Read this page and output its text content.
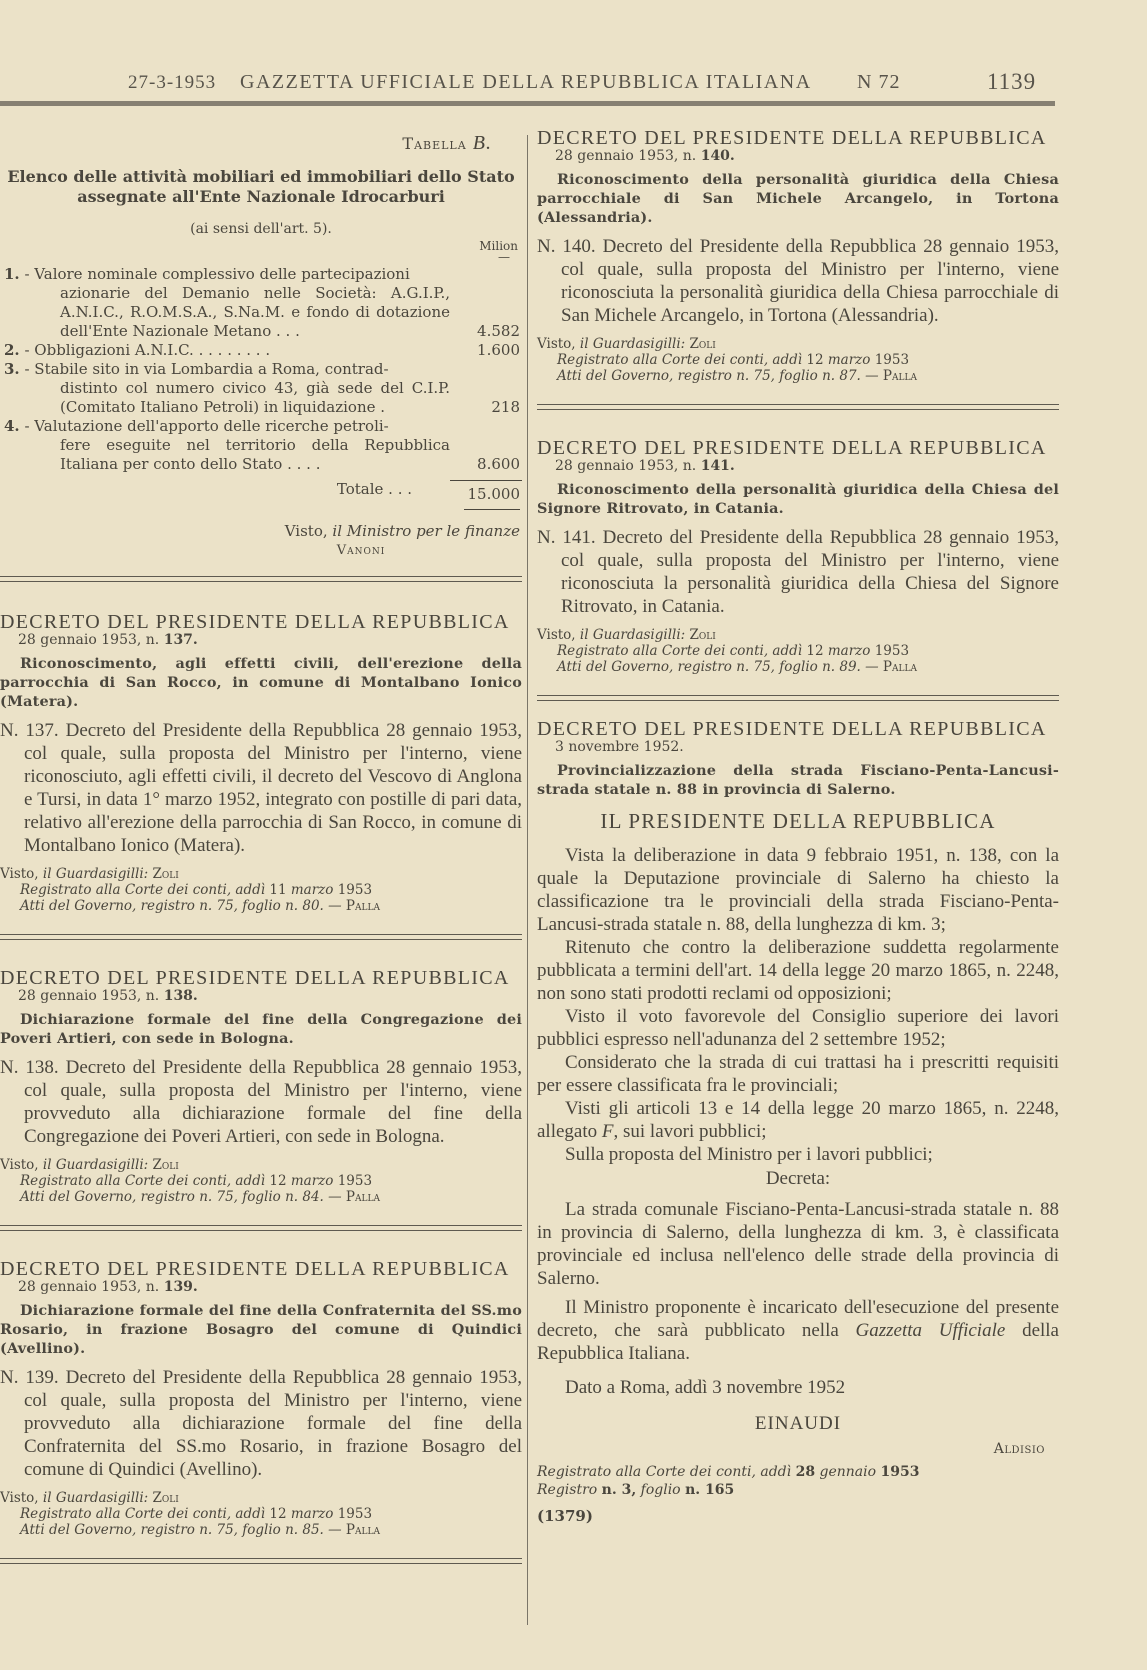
27-3-1953 GAZZETTA UFFICIALE DELLA REPUBBLICA ITALIANA N 72	1139
Tabella B.
Elenco delle attività mobiliari ed immobiliari dello Stato
assegnate all'Ente Nazionale Idrocarburi
(ai sensi dell'art. 5).
Milion
—
1. - Valore nominale complessivo delle partecipazioni
azionarie del Demanio nelle Società: A.G.I.P., A.N.I.C., R.O.M.S.A., S.Na.M. e fondo di dotazione dell'Ente Nazionale Metano . . .	4.582
2. - Obbligazioni A.N.I.C. . . . . . . . .	1.600
3. - Stabile sito in via Lombardia a Roma, contrad-
distinto col numero civico 43, già sede del C.I.P. (Comitato Italiano Petroli) in liquidazione .	218
4. - Valutazione dell'apporto delle ricerche petroli-
fere eseguite nel territorio della Repubblica Italiana per conto dello Stato . . . .	8.600
Totale . . .	15.000
Visto, il Ministro per le finanze
Vanoni
DECRETO DEL PRESIDENTE DELLA REPUBBLICA
28 gennaio 1953, n. 137.
Riconoscimento, agli effetti civili, dell'erezione della parrocchia di San Rocco, in comune di Montalbano Ionico (Matera).
N. 137. Decreto del Presidente della Repubblica 28 gennaio 1953, col quale, sulla proposta del Ministro per l'interno, viene riconosciuto, agli effetti civili, il decreto del Vescovo di Anglona e Tursi, in data 1° marzo 1952, integrato con postille di pari data, relativo all'erezione della parrocchia di San Rocco, in comune di Montalbano Ionico (Matera).
Visto, il Guardasigilli: Zoli
Registrato alla Corte dei conti, addì 11 marzo 1953
Atti del Governo, registro n. 75, foglio n. 80. — Palla
DECRETO DEL PRESIDENTE DELLA REPUBBLICA
28 gennaio 1953, n. 138.
Dichiarazione formale del fine della Congregazione dei Poveri Artieri, con sede in Bologna.
N. 138. Decreto del Presidente della Repubblica 28 gennaio 1953, col quale, sulla proposta del Ministro per l'interno, viene provveduto alla dichiarazione formale del fine della Congregazione dei Poveri Artieri, con sede in Bologna.
Visto, il Guardasigilli: Zoli
Registrato alla Corte dei conti, addì 12 marzo 1953
Atti del Governo, registro n. 75, foglio n. 84. — Palla
DECRETO DEL PRESIDENTE DELLA REPUBBLICA
28 gennaio 1953, n. 139.
Dichiarazione formale del fine della Confraternita del SS.mo Rosario, in frazione Bosagro del comune di Quindici (Avellino).
N. 139. Decreto del Presidente della Repubblica 28 gennaio 1953, col quale, sulla proposta del Ministro per l'interno, viene provveduto alla dichiarazione formale del fine della Confraternita del SS.mo Rosario, in frazione Bosagro del comune di Quindici (Avellino).
Visto, il Guardasigilli: Zoli
Registrato alla Corte dei conti, addì 12 marzo 1953
Atti del Governo, registro n. 75, foglio n. 85. — Palla
DECRETO DEL PRESIDENTE DELLA REPUBBLICA
28 gennaio 1953, n. 140.
Riconoscimento della personalità giuridica della Chiesa parrocchiale di San Michele Arcangelo, in Tortona (Alessandria).
N. 140. Decreto del Presidente della Repubblica 28 gennaio 1953, col quale, sulla proposta del Ministro per l'interno, viene riconosciuta la personalità giuridica della Chiesa parrocchiale di San Michele Arcangelo, in Tortona (Alessandria).
Visto, il Guardasigilli: Zoli
Registrato alla Corte dei conti, addì 12 marzo 1953
Atti del Governo, registro n. 75, foglio n. 87. — Palla
DECRETO DEL PRESIDENTE DELLA REPUBBLICA
28 gennaio 1953, n. 141.
Riconoscimento della personalità giuridica della Chiesa del Signore Ritrovato, in Catania.
N. 141. Decreto del Presidente della Repubblica 28 gennaio 1953, col quale, sulla proposta del Ministro per l'interno, viene riconosciuta la personalità giuridica della Chiesa del Signore Ritrovato, in Catania.
Visto, il Guardasigilli: Zoli
Registrato alla Corte dei conti, addì 12 marzo 1953
Atti del Governo, registro n. 75, foglio n. 89. — Palla
DECRETO DEL PRESIDENTE DELLA REPUBBLICA
3 novembre 1952.
Provincializzazione della strada Fisciano-Penta-Lancusi-strada statale n. 88 in provincia di Salerno.
IL PRESIDENTE DELLA REPUBBLICA

Vista la deliberazione in data 9 febbraio 1951, n. 138, con la quale la Deputazione provinciale di Salerno ha chiesto la classificazione tra le provinciali della strada Fisciano-Penta-Lancusi-strada statale n. 88, della lunghezza di km. 3;

Ritenuto che contro la deliberazione suddetta regolarmente pubblicata a termini dell'art. 14 della legge 20 marzo 1865, n. 2248, non sono stati prodotti reclami od opposizioni;

Visto il voto favorevole del Consiglio superiore dei lavori pubblici espresso nell'adunanza del 2 settembre 1952;

Considerato che la strada di cui trattasi ha i prescritti requisiti per essere classificata fra le provinciali;

Visti gli articoli 13 e 14 della legge 20 marzo 1865, n. 2248, allegato F, sui lavori pubblici;

Sulla proposta del Ministro per i lavori pubblici;

Decreta:

La strada comunale Fisciano-Penta-Lancusi-strada statale n. 88 in provincia di Salerno, della lunghezza di km. 3, è classificata provinciale ed inclusa nell'elenco delle strade della provincia di Salerno.

Il Ministro proponente è incaricato dell'esecuzione del presente decreto, che sarà pubblicato nella Gazzetta Ufficiale della Repubblica Italiana.

Dato a Roma, addì 3 novembre 1952
EINAUDI
Aldisio
Registrato alla Corte dei conti, addì 28 gennaio 1953
Registro n. 3, foglio n. 165
(1379)
